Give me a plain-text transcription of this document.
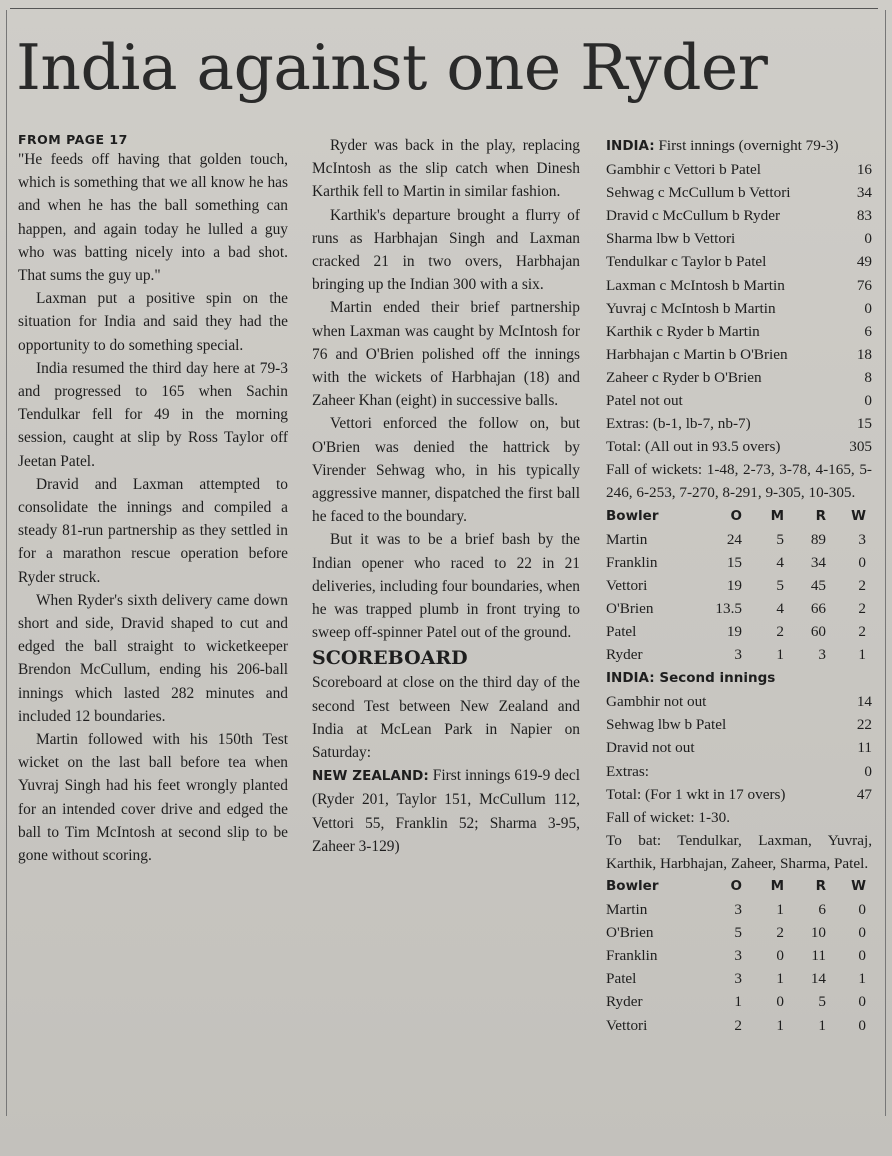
India against one Ryder
FROM PAGE 17

"He feeds off having that golden touch, which is something that we all know he has and when he has the ball something can happen, and again today he lulled a guy who was batting nicely into a bad shot. That sums the guy up."

Laxman put a positive spin on the situation for India and said they had the opportunity to do something special.

India resumed the third day here at 79-3 and progressed to 165 when Sachin Tendulkar fell for 49 in the morning session, caught at slip by Ross Taylor off Jeetan Patel.

Dravid and Laxman attempted to consolidate the innings and compiled a steady 81-run partnership as they settled in for a marathon rescue operation before Ryder struck.

When Ryder's sixth delivery came down short and side, Dravid shaped to cut and edged the ball straight to wicketkeeper Brendon McCullum, ending his 206-ball innings which lasted 282 minutes and included 12 boundaries.

Martin followed with his 150th Test wicket on the last ball before tea when Yuvraj Singh had his feet wrongly planted for an intended cover drive and edged the ball to Tim McIntosh at second slip to be gone without scoring.

Ryder was back in the play, replacing McIntosh as the slip catch when Dinesh Karthik fell to Martin in similar fashion.

Karthik's departure brought a flurry of runs as Harbhajan Singh and Laxman cracked 21 in two overs, Harbhajan bringing up the Indian 300 with a six.

Martin ended their brief partnership when Laxman was caught by McIntosh for 76 and O'Brien polished off the innings with the wickets of Harbhajan (18) and Zaheer Khan (eight) in successive balls.

Vettori enforced the follow on, but O'Brien was denied the hattrick by Virender Sehwag who, in his typically aggressive manner, dispatched the first ball he faced to the boundary.

But it was to be a brief bash by the Indian opener who raced to 22 in 21 deliveries, including four boundaries, when he was trapped plumb in front trying to sweep off-spinner Patel out of the ground.

SCOREBOARD

Scoreboard at close on the third day of the second Test between New Zealand and India at McLean Park in Napier on Saturday:

NEW ZEALAND: First innings 619-9 decl (Ryder 201, Taylor 151, McCullum 112, Vettori 55, Franklin 52; Sharma 3-95, Zaheer 3-129)

INDIA: First innings (overnight 79-3)
Gambhir c Vettori b Patel	16
Sehwag c McCullum b Vettori	34
Dravid c McCullum b Ryder	83
Sharma lbw b Vettori	0
Tendulkar c Taylor b Patel	49
Laxman c McIntosh b Martin	76
Yuvraj c McIntosh b Martin	0
Karthik c Ryder b Martin	6
Harbhajan c Martin b O'Brien	18
Zaheer c Ryder b O'Brien	8
Patel not out	0
Extras: (b-1, lb-7, nb-7)	15
Total: (All out in 93.5 overs)	305
Fall of wickets: 1-48, 2-73, 3-78, 4-165, 5-246, 6-253, 7-270, 8-291, 9-305, 10-305.
Bowler	O	M	R	W
Martin	24	5	89	3
Franklin	15	4	34	0
Vettori	19	5	45	2
O'Brien	13.5	4	66	2
Patel	19	2	60	2
Ryder	3	1	3	1
INDIA: Second innings
Gambhir not out	14
Sehwag lbw b Patel	22
Dravid not out	11
Extras:	0
Total: (For 1 wkt in 17 overs)	47
Fall of wicket: 1-30.
To bat: Tendulkar, Laxman, Yuvraj, Karthik, Harbhajan, Zaheer, Sharma, Patel.
Bowler	O	M	R	W
Martin	3	1	6	0
O'Brien	5	2	10	0
Franklin	3	0	11	0
Patel	3	1	14	1
Ryder	1	0	5	0
Vettori	2	1	1	0
